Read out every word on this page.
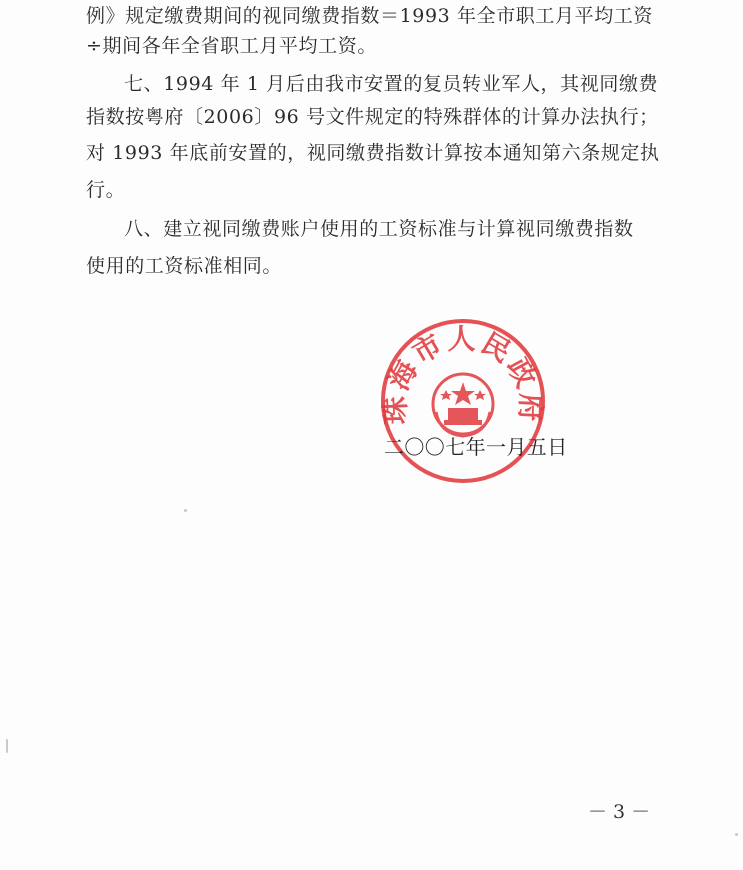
例》规定缴费期间的视同缴费指数＝1993 年全市职工月平均工资
÷期间各年全省职工月平均工资。
七、1994 年 1 月后由我市安置的复员转业军人，其视同缴费
指数按粤府〔2006〕96 号文件规定的特殊群体的计算办法执行；
对 1993 年底前安置的，视同缴费指数计算按本通知第六条规定执
行。
八、建立视同缴费账户使用的工资标准与计算视同缴费指数
使用的工资标准相同。
珠海市人民政府
二〇〇七年一月五日
－ 3 －
